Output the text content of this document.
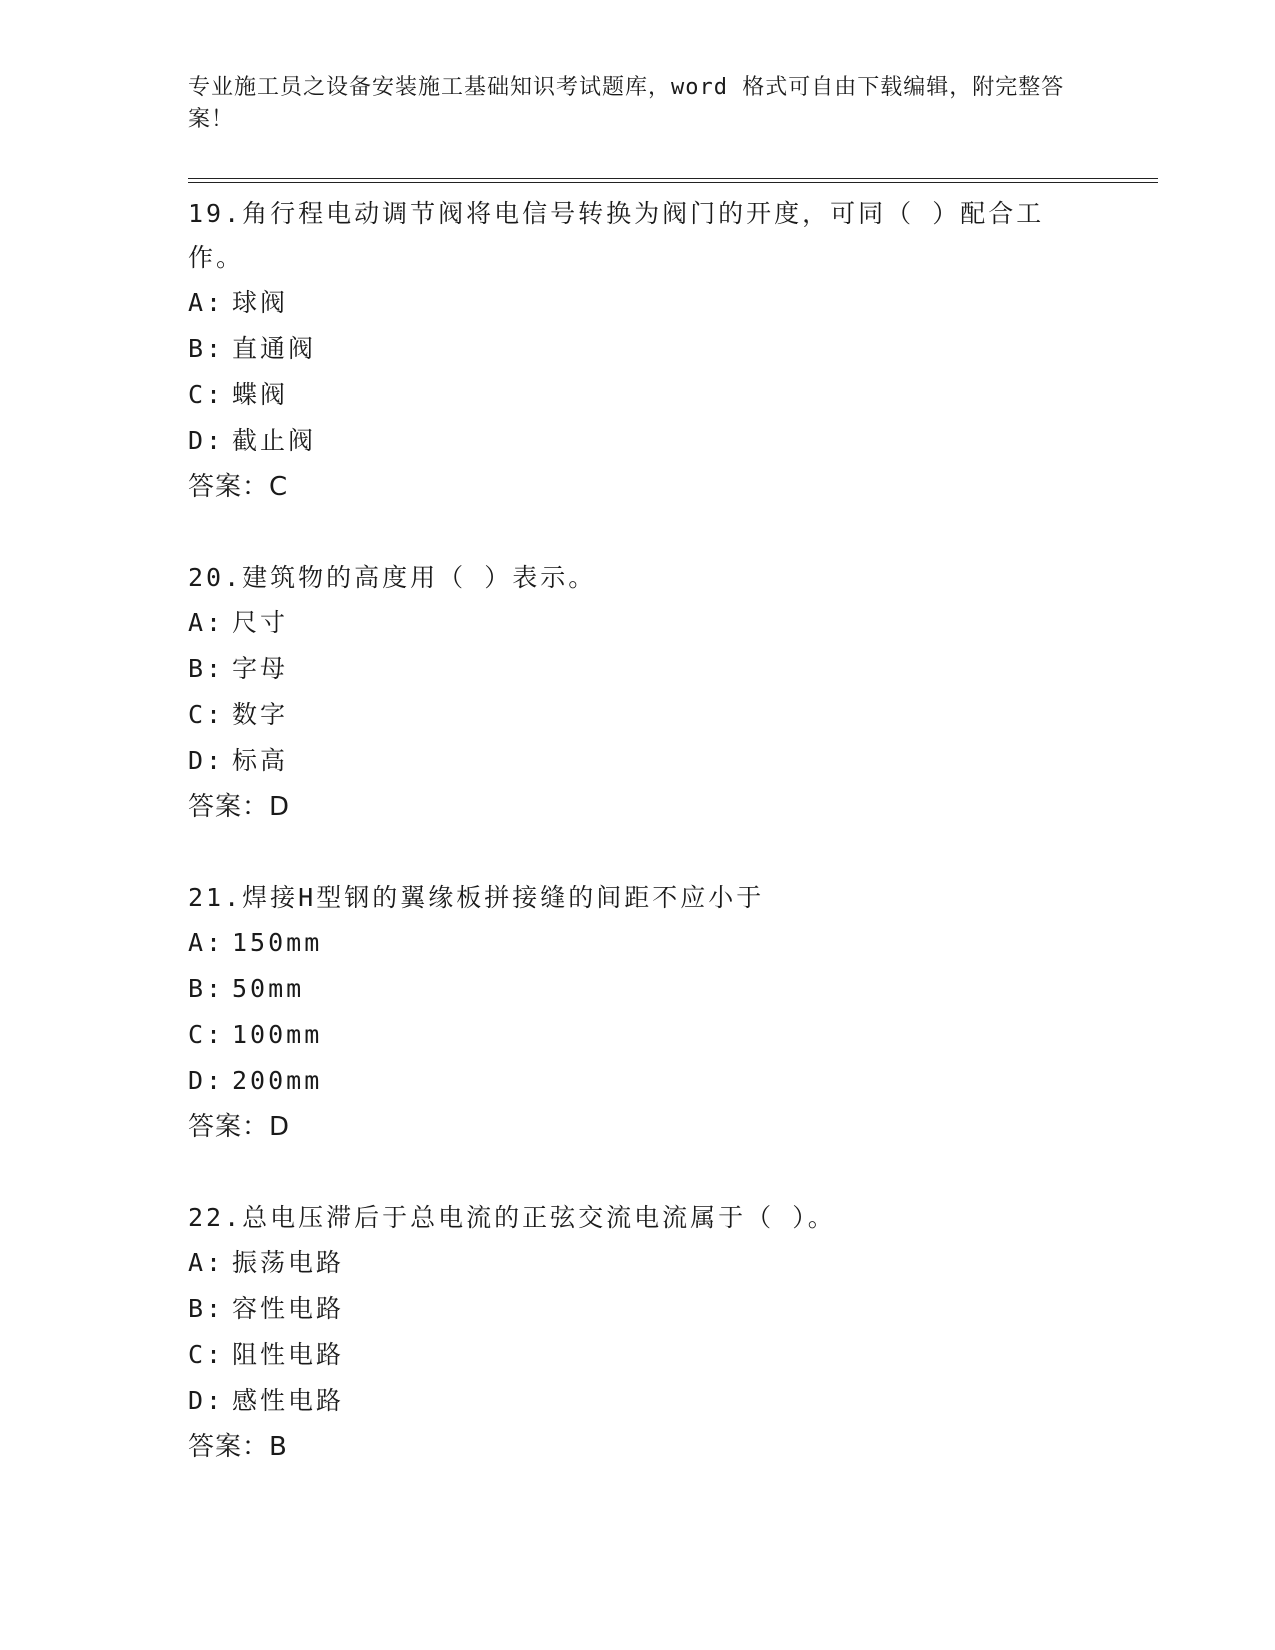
专业施工员之设备安装施工基础知识考试题库，word 格式可自由下载编辑，附完整答案！

19.角行程电动调节阀将电信号转换为阀门的开度，可同（ ）配合工作。

A: 球阀

B: 直通阀

C: 蝶阀

D: 截止阀

答案：C

20.建筑物的高度用（ ）表示。

A: 尺寸

B: 字母

C: 数字

D: 标高

答案：D

21.焊接H型钢的翼缘板拼接缝的间距不应小于

A: 150mm

B: 50mm

C: 100mm

D: 200mm

答案：D

22.总电压滞后于总电流的正弦交流电流属于（ ）。

A: 振荡电路

B: 容性电路

C: 阻性电路

D: 感性电路

答案：B
